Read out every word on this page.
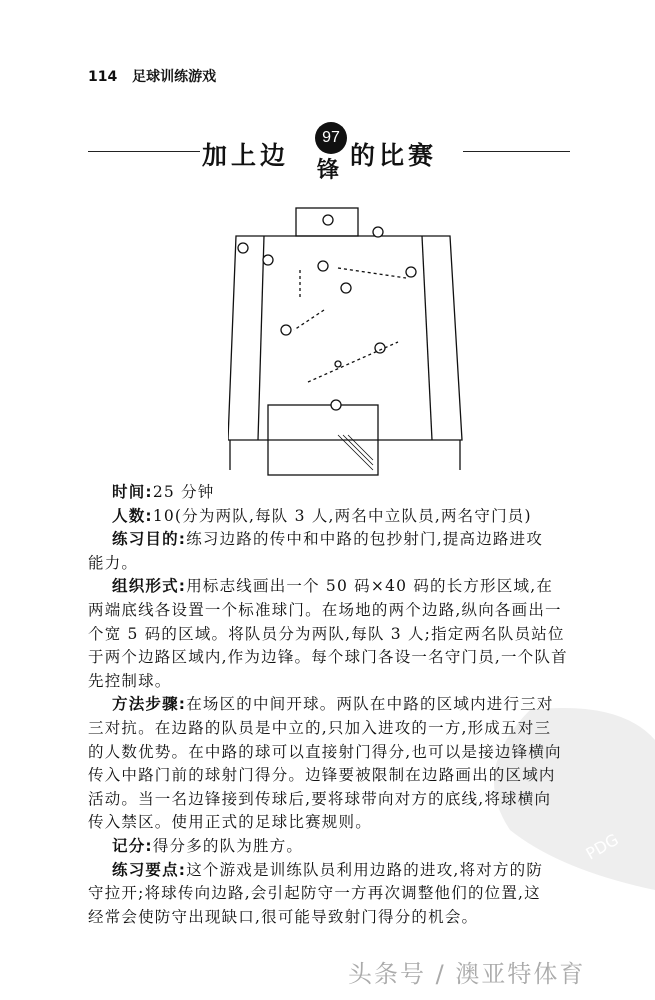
PDG
114 足球训练游戏
加上边
97
锋
的比赛
时间:25 分钟
人数:10(分为两队,每队 3 人,两名中立队员,两名守门员)
练习目的:练习边路的传中和中路的包抄射门,提高边路进攻
能力。
组织形式:用标志线画出一个 50 码×40 码的长方形区域,在
两端底线各设置一个标准球门。在场地的两个边路,纵向各画出一
个宽 5 码的区域。将队员分为两队,每队 3 人;指定两名队员站位
于两个边路区域内,作为边锋。每个球门各设一名守门员,一个队首
先控制球。
方法步骤:在场区的中间开球。两队在中路的区域内进行三对
三对抗。在边路的队员是中立的,只加入进攻的一方,形成五对三
的人数优势。在中路的球可以直接射门得分,也可以是接边锋横向
传入中路门前的球射门得分。边锋要被限制在边路画出的区域内
活动。当一名边锋接到传球后,要将球带向对方的底线,将球横向
传入禁区。使用正式的足球比赛规则。
记分:得分多的队为胜方。
练习要点:这个游戏是训练队员利用边路的进攻,将对方的防
守拉开;将球传向边路,会引起防守一方再次调整他们的位置,这
经常会使防守出现缺口,很可能导致射门得分的机会。
头条号 / 澳亚特体育
